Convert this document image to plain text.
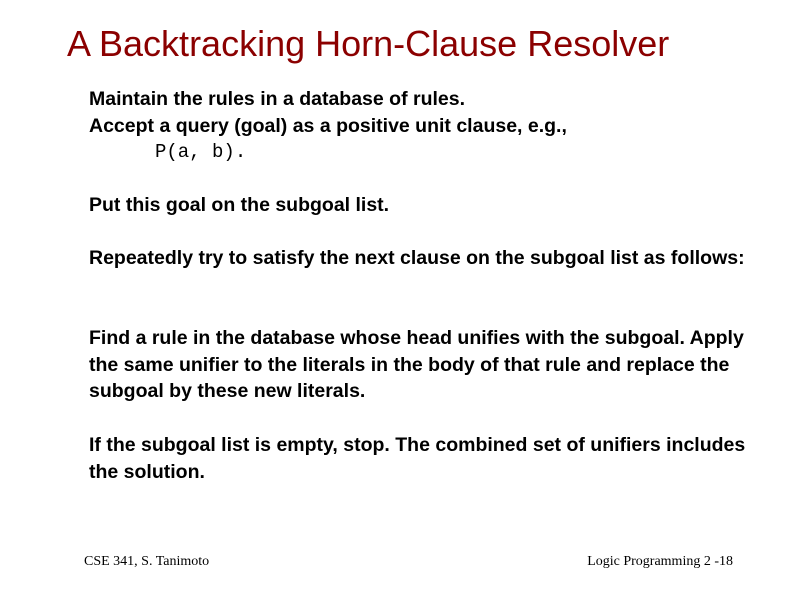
A Backtracking Horn-Clause Resolver

Maintain the rules in a database of rules.

Accept a query (goal) as a positive unit clause, e.g.,

P(a, b).

Put this goal on the subgoal list.

Repeatedly try to satisfy the next clause on the subgoal list as follows:

Find a rule in the database whose head unifies with the subgoal. Apply the same unifier to the literals in the body of that rule and replace the subgoal by these new literals.

If the subgoal list is empty, stop. The combined set of unifiers includes the solution.

CSE 341, S. Tanimoto	Logic Programming 2 -18
